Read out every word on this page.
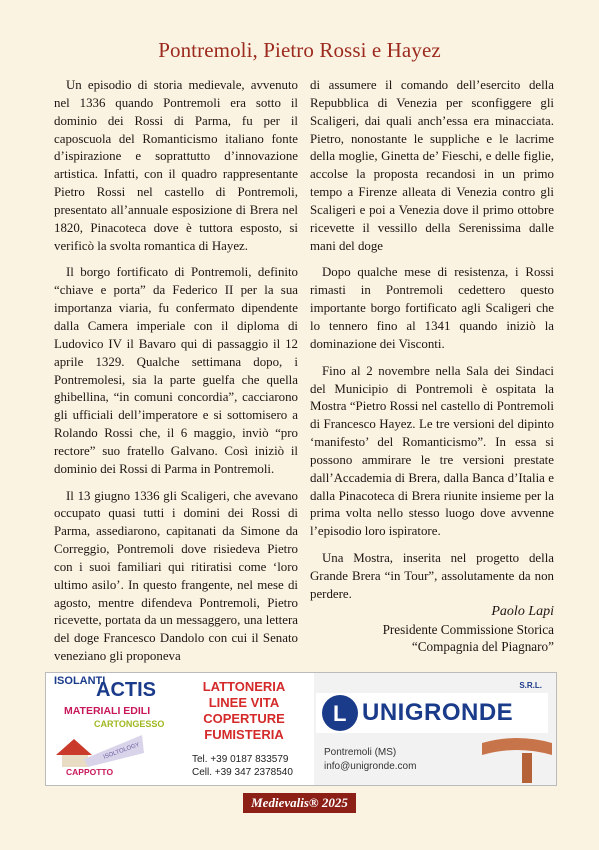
Pontremoli, Pietro Rossi e Hayez

Un episodio di storia medievale, avvenuto nel 1336 quando Pontremoli era sotto il dominio dei Rossi di Parma, fu per il caposcuola del Romanticismo italiano fonte d’ispirazione e soprattutto d’innovazione artistica. Infatti, con il quadro rappresentante Pietro Rossi nel castello di Pontremoli, presentato all’annuale esposizione di Brera nel 1820, Pinacoteca dove è tuttora esposto, si verificò la svolta romantica di Hayez.

Il borgo fortificato di Pontremoli, definito “chiave e porta” da Federico II per la sua importanza viaria, fu confermato dipendente dalla Camera imperiale con il diploma di Ludovico IV il Bavaro qui di passaggio il 12 aprile 1329. Qualche settimana dopo, i Pontremolesi, sia la parte guelfa che quella ghibellina, “in comuni concordia”, cacciarono gli ufficiali dell’imperatore e si sottomisero a Rolando Rossi che, il 6 maggio, inviò “pro rectore” suo fratello Galvano. Così iniziò il dominio dei Rossi di Parma in Pontremoli.

Il 13 giugno 1336 gli Scaligeri, che avevano occupato quasi tutti i domini dei Rossi di Parma, assediarono, capitanati da Simone da Correggio, Pontremoli dove risiedeva Pietro con i suoi familiari qui ritiratisi come ‘loro ultimo asilo’. In questo frangente, nel mese di agosto, mentre difendeva Pontremoli, Pietro ricevette, portata da un messaggero, una lettera del doge Francesco Dandolo con cui il Senato veneziano gli proponeva

di assumere il comando dell’esercito della Repubblica di Venezia per sconfiggere gli Scaligeri, dai quali anch’essa era minacciata. Pietro, nonostante le suppliche e le lacrime della moglie, Ginetta de’ Fieschi, e delle figlie, accolse la proposta recandosi in un primo tempo a Firenze alleata di Venezia contro gli Scaligeri e poi a Venezia dove il primo ottobre ricevette il vessillo della Serenissima dalle mani del doge

Dopo qualche mese di resistenza, i Rossi rimasti in Pontremoli cedettero questo importante borgo fortificato agli Scaligeri che lo tennero fino al 1341 quando iniziò la dominazione dei Visconti.

Fino al 2 novembre nella Sala dei Sindaci del Municipio di Pontremoli è ospitata la Mostra “Pietro Rossi nel castello di Pontremoli di Francesco Hayez. Le tre versioni del dipinto ‘manifesto’ del Romanticismo”. In essa si possono ammirare le tre versioni prestate dall’Accademia di Brera, dalla Banca d’Italia e dalla Pinacoteca di Brera riunite insieme per la prima volta nello stesso luogo dove avvenne l’episodio loro ispiratore.

Una Mostra, inserita nel progetto della Grande Brera “in Tour”, assolutamente da non perdere.

Paolo Lapi
Presidente Commissione Storica
“Compagnia del Piagnaro”
ISOLANTI
ACTIS
MATERIALI EDILI
CARTONGESSO
ISOLTOLOGY
CAPPOTTO
LATTONERIA
LINEE VITA
COPERTURE
FUMISTERIA
Tel. +39 0187 833579
Cell. +39 347 2378540
S.R.L.
L UNIGRONDE
Pontremoli (MS)
info@unigronde.com
Medievalis® 2025
